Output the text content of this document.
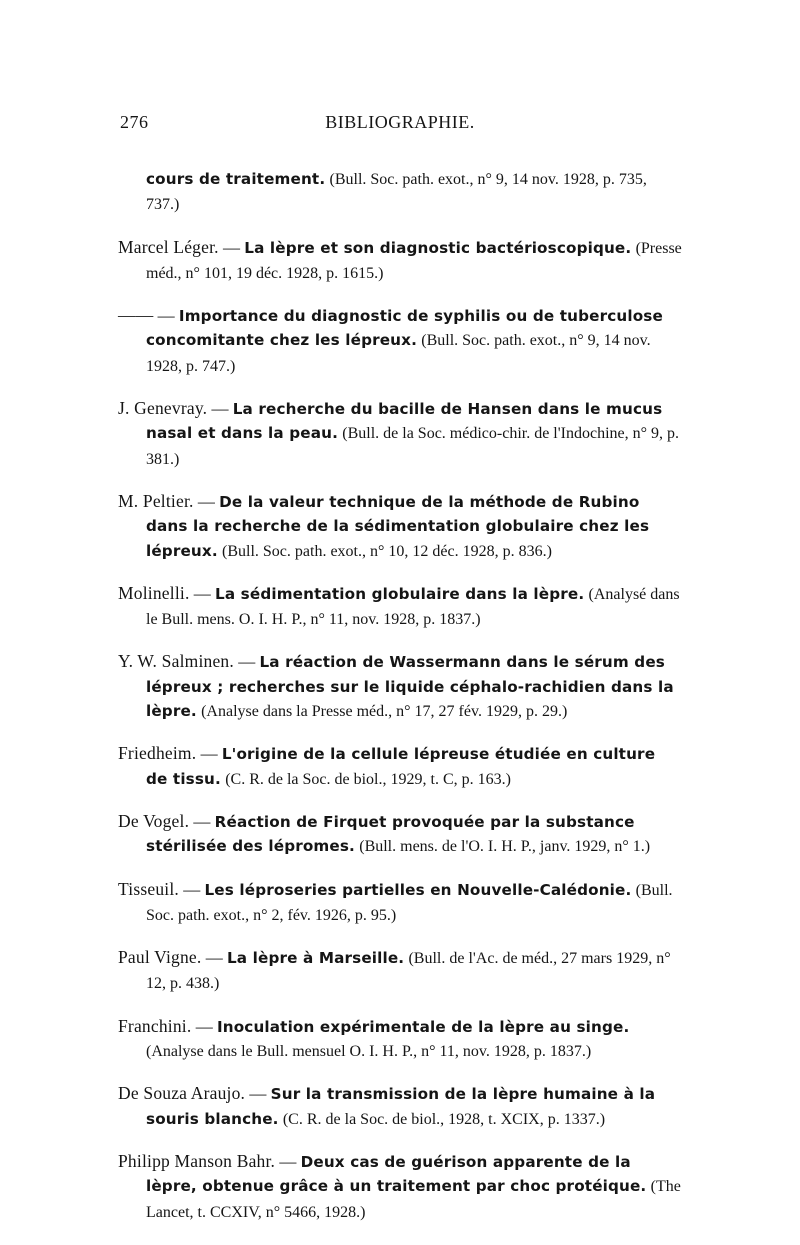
276	BIBLIOGRAPHIE.

cours de traitement. (Bull. Soc. path. exot., n° 9, 14 nov. 1928, p. 735, 737.)

Marcel Léger. — La lèpre et son diagnostic bactérioscopique. (Presse méd., n° 101, 19 déc. 1928, p. 1615.)

—— — Importance du diagnostic de syphilis ou de tuberculose concomitante chez les lépreux. (Bull. Soc. path. exot., n° 9, 14 nov. 1928, p. 747.)

J. Genevray. — La recherche du bacille de Hansen dans le mucus nasal et dans la peau. (Bull. de la Soc. médico-chir. de l'Indochine, n° 9, p. 381.)

M. Peltier. — De la valeur technique de la méthode de Rubino dans la recherche de la sédimentation globulaire chez les lépreux. (Bull. Soc. path. exot., n° 10, 12 déc. 1928, p. 836.)

Molinelli. — La sédimentation globulaire dans la lèpre. (Analysé dans le Bull. mens. O. I. H. P., n° 11, nov. 1928, p. 1837.)

Y. W. Salminen. — La réaction de Wassermann dans le sérum des lépreux ; recherches sur le liquide céphalo-rachidien dans la lèpre. (Analyse dans la Presse méd., n° 17, 27 fév. 1929, p. 29.)

Friedheim. — L'origine de la cellule lépreuse étudiée en culture de tissu. (C. R. de la Soc. de biol., 1929, t. C, p. 163.)

De Vogel. — Réaction de Firquet provoquée par la substance stérilisée des lépromes. (Bull. mens. de l'O. I. H. P., janv. 1929, n° 1.)

Tisseuil. — Les léproseries partielles en Nouvelle-Calédonie. (Bull. Soc. path. exot., n° 2, fév. 1926, p. 95.)

Paul Vigne. — La lèpre à Marseille. (Bull. de l'Ac. de méd., 27 mars 1929, n° 12, p. 438.)

Franchini. — Inoculation expérimentale de la lèpre au singe. (Analyse dans le Bull. mensuel O. I. H. P., n° 11, nov. 1928, p. 1837.)

De Souza Araujo. — Sur la transmission de la lèpre humaine à la souris blanche. (C. R. de la Soc. de biol., 1928, t. XCIX, p. 1337.)

Philipp Manson Bahr. — Deux cas de guérison apparente de la lèpre, obtenue grâce à un traitement par choc protéique. (The Lancet, t. CCXIV, n° 5466, 1928.)
